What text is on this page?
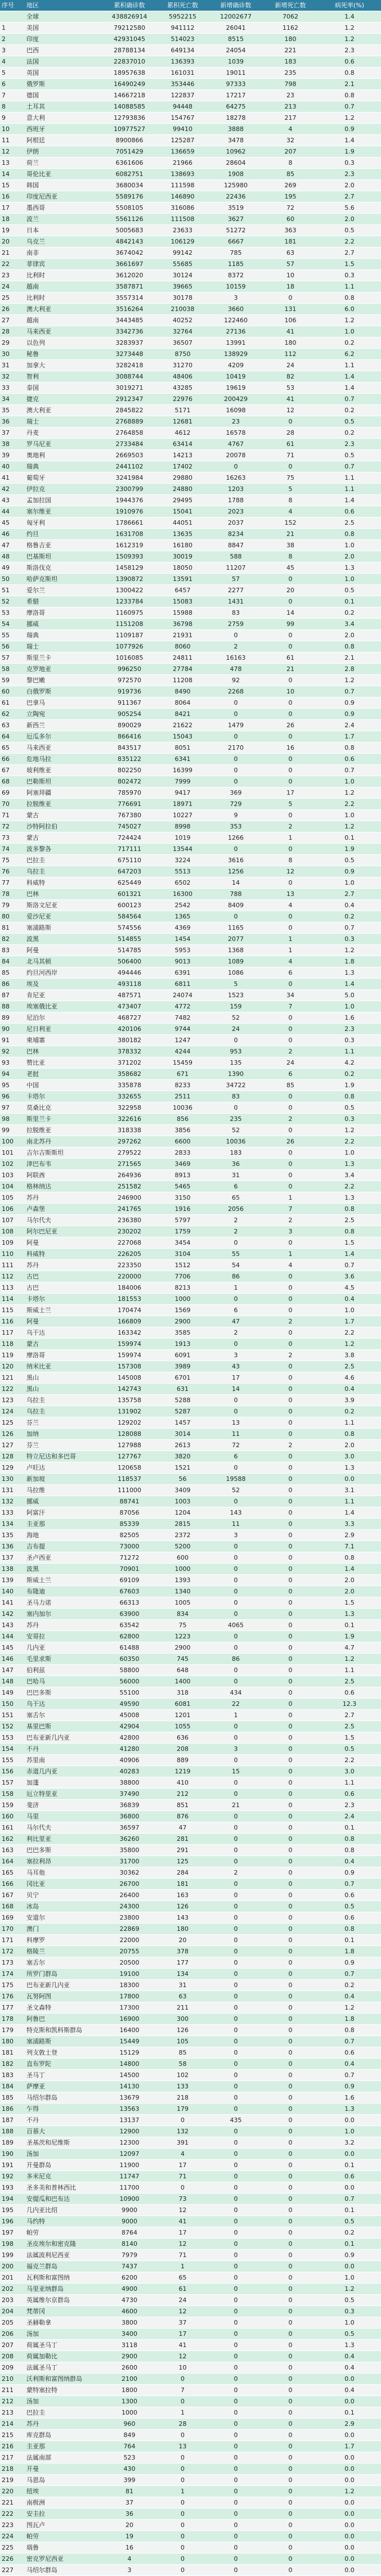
序号	地区	累积确诊数	累积死亡数	新增确诊数	新增死亡数	病死率(%)
	全球	438826914	5952215	12002677	7062	1.4
1	美国	79212580	941112	26041	1162	1.2
2	印度	42931045	514023	8515	180	1.2
3	巴西	28788134	649134	24054	221	2.3
4	法国	22837010	136393	1039	183	0.6
5	英国	18957638	161031	19011	235	0.8
6	俄罗斯	16490249	353446	97333	798	2.1
7	德国	14667218	122837	17217	23	0.8
8	土耳其	14088585	94448	64275	213	0.7
9	意大利	12793836	154767	18278	217	1.2
10	西班牙	10977527	99410	3888	4	0.9
11	阿根廷	8900866	125287	3478	32	1.4
12	伊朗	7051429	136659	10962	207	1.9
13	荷兰	6361606	21966	28604	8	0.3
14	哥伦比亚	6082751	138693	1908	85	2.3
15	韩国	3680034	111598	125980	269	2.0
16	印度尼西亚	5589176	146890	22436	195	2.7
17	墨西哥	5508105	316086	3519	72	5.6
18	波兰	5561126	111508	3627	60	2.0
19	日本	5005683	23633	51272	363	0.5
20	乌克兰	4842143	106129	6667	181	2.2
21	南非	3674042	99142	785	63	2.7
22	菲律宾	3661697	55685	1185	57	1.5
23	比利时	3612020	30124	8372	10	0.3
24	越南	3587871	39665	10159	18	1.1
25	比利时	3557314	30178	3	0	0.8
26	澳大利亚	3516264	210038	3660	131	6.0
27	越南	3443485	40252	122460	106	1.2
28	马来西亚	3342736	32764	27136	41	1.0
29	以色列	3283937	36507	13991	180	0.2
30	秘鲁	3273448	8750	138929	112	6.2
31	加拿大	3282418	31270	4209	24	1.1
32	智利	3088744	48406	10419	82	1.4
33	泰国	3019271	43285	19619	53	1.4
34	捷克	2912347	22976	200429	41	0.7
35	澳大利亚	2845822	5171	16098	12	0.2
36	瑞士	2768889	12681	23	0	0.5
37	丹麦	2764858	4612	16578	28	0.2
38	罗马尼亚	2733484	63414	4767	61	2.3
39	奥地利	2669503	14213	20078	71	0.5
40	瑞典	2441102	17402	0	0	0.7
41	葡萄牙	3241984	29880	16263	75	1.1
42	伊拉克	2300799	24880	1203	5	1.1
43	孟加拉国	1944376	29495	1788	8	1.4
44	塞尔维亚	1910976	15041	2023	4	0.6
45	匈牙利	1786661	44051	2037	152	2.5
46	约旦	1631708	13635	8234	21	0.8
47	格鲁吉亚	1612319	16180	8847	38	1.0
48	巴基斯坦	1509393	30019	588	8	2.0
49	斯洛伐克	1458129	18050	11207	45	1.3
50	哈萨克斯坦	1390872	13591	57	0	1.0
51	爱尔兰	1300422	6457	2277	20	0.5
52	希腊	1233784	15083	1431	0	0.1
53	摩洛哥	1160975	15988	83	14	0.2
54	挪威	1151208	36798	2759	99	3.4
55	瑞典	1109187	21931	0	0	2.0
56	瑞士	1077926	8060	2	0	0.8
57	斯里兰卡	1016085	24811	16163	61	2.1
58	克罗地亚	996250	27784	478	21	2.8
59	黎巴嫩	972570	11208	92	0	1.2
60	白俄罗斯	919736	8490	2268	10	0.7
61	巴拿马	911367	8064	0	0	0.9
62	立陶宛	905254	8421	0	0	0.9
63	新西兰	890029	21622	1479	26	2.4
64	厄瓜多尔	866416	15043	0	0	1.7
65	马来西亚	843517	8051	2170	16	0.8
66	危地马拉	835122	6341	0	0	0.6
67	玻利维亚	802250	16399	0	0	0.7
68	巴勒斯坦	802472	7999	0	0	1.0
69	阿塞拜疆	785970	9417	369	17	1.2
70	拉脱维亚	776691	18971	729	5	2.2
71	蒙古	767380	10227	9	0	1.0
72	沙特阿拉伯	745027	8998	353	2	1.2
73	蒙古	724424	1019	1266	1	0.1
74	波多黎各	717111	13544	0	0	1.9
75	巴拉圭	675110	3224	3616	8	0.5
76	乌拉圭	647203	5513	1256	12	0.9
77	科威特	625449	6502	14	0	1.0
78	巴林	601321	16300	788	13	2.7
79	斯洛文尼亚	600123	2542	8409	4	0.4
80	爱沙尼亚	584564	1365	0	0	0.2
81	塞浦路斯	574556	4369	1165	0	0.7
82	波黑	514855	1454	2077	1	0.3
83	阿曼	514785	5953	1368	1	1.2
84	北马其顿	506400	9013	1089	4	1.8
85	约旦河西岸	494446	6391	1086	6	1.3
86	埃及	493118	6811	5	0	1.4
87	肯尼亚	487571	24074	1523	34	5.0
88	埃塞俄比亚	473407	4772	159	7	1.0
89	尼泊尔	468727	7482	52	0	1.6
90	尼日利亚	420106	9744	24	0	2.3
91	柬埔寨	380182	1247	0	0	0.3
92	巴林	378332	4244	953	2	1.1
93	赞比亚	371202	15459	135	24	4.2
94	老挝	358682	671	1390	6	0.2
95	中国	335878	8233	34722	85	1.9
96	卡塔尔	332655	2511	83	0	0.8
97	莫桑比克	322958	10036	0	0	0.5
98	斯里兰卡	322616	856	235	2	0.3
99	拉脱维亚	318338	3856	52	0	1.2
100	南北苏丹	297262	6600	10036	26	2.2
101	吉尔吉斯斯坦	279522	2833	183	0	1.0
102	津巴布韦	271565	3469	36	0	1.3
103	阿联酋	264936	8913	31	0	3.4
104	格林纳达	251582	5465	6	0	2.2
105	苏丹	246900	3150	65	1	1.3
106	卢森堡	241765	1916	2056	7	0.8
107	马尔代夫	236380	5797	2	2	2.5
108	阿尔巴尼亚	230202	1759	2	3	0.8
109	阿曼	227068	3454	0	0	1.5
110	科威特	226205	3104	55	1	1.4
111	苏丹	223350	1512	54	4	0.7
112	古巴	220000	7706	86	0	3.6
113	古巴	184006	8213	1	0	4.5
114	卡塔尔	181553	1000	0	0	0.4
115	斯威士兰	170474	1569	6	0	1.0
116	阿曼	166809	2900	47	2	1.7
117	乌干达	163342	3585	2	0	2.2
118	蒙古	159974	1913	0	0	1.2
119	摩洛哥	159974	6091	3	2	3.8
120	纳米比亚	157308	3989	43	0	2.5
121	黑山	145008	6701	17	0	4.6
122	黑山	142743	631	14	0	0.4
123	乌拉圭	135758	5288	0	0	3.9
124	乌拉圭	131902	5287	0	0	0.2
125	芬兰	129202	1457	13	0	1.1
126	加纳	128088	3014	11	0	0.8
127	芬兰	127988	2613	72	2	2.0
128	特立尼达和多巴哥	127767	3820	6	0	3.0
129	卢旺达	120658	1521	0	0	1.3
130	新加坡	118537	56	19588	0	0.0
131	马拉维	111000	3409	52	0	3.1
132	挪威	88741	1003	0	0	1.1
133	阿富汗	87056	1204	143	0	1.4
134	圭亚那	85339	2815	11	0	3.3
135	海地	82505	2372	3	0	2.9
136	吉布提	73000	5200	0	0	7.1
137	圣卢西亚	71272	600	0	0	0.8
138	波黑	70901	1000	0	0	1.4
139	斯威士兰	69109	1393	0	0	2.0
140	布隆迪	67603	1340	0	0	2.0
141	圣马力诺	66313	1005	0	0	1.5
142	塞内加尔	63900	834	0	0	1.3
143	苏丹	63542	75	4065	0	0.1
144	安哥拉	62800	1223	0	0	1.9
145	几内亚	61488	2900	0	0	4.7
146	毛里求斯	60350	745	86	0	1.2
147	伯利兹	58800	648	0	0	1.1
148	巴哈马	56000	1400	0	0	2.5
149	巴巴多斯	55100	318	434	0	0.6
150	乌干达	49590	6081	22	0	12.3
151	塞舌尔	45008	1201	1	0	2.7
152	基里巴斯	42904	1055	0	0	2.5
153	巴布亚新几内亚	42800	636	0	0	1.5
154	不丹	41280	208	3	0	0.5
155	苏里南	40906	889	0	0	2.2
156	赤道几内亚	40283	1219	15	0	3.0
157	加蓬	38800	410	0	0	1.1
158	厄立特里亚	37490	212	0	0	0.6
159	斐济	36839	851	21	0	2.3
160	马里	36800	876	0	0	2.4
161	马尔代夫	36597	47	0	0	0.1
162	利比里亚	36260	281	0	0	0.8
163	巴巴多斯	35800	291	0	0	0.8
164	塞拉利昂	31700	125	0	0	0.4
165	马耳他	30362	284	2	0	0.9
166	冈比亚	26700	181	0	0	0.7
167	贝宁	26400	163	0	0	0.6
168	冰岛	24300	126	0	0	0.5
169	安道尔	23800	143	0	0	0.6
170	澳门	22869	180	0	0	0.8
171	科摩罗	22000	20	0	0	0.1
172	格陵兰	20755	378	0	0	1.8
173	塞舌尔	20500	177	0	0	0.9
174	所罗门群岛	19100	134	0	0	0.7
175	巴布亚新几内亚	18300	31	0	0	0.2
176	瓦努阿图	17800	63	0	0	0.4
177	圣文森特	17300	211	0	0	1.2
178	阿鲁巴	16900	300	0	0	1.8
179	特克斯和凯科斯群岛	16400	126	0	0	0.8
180	塞浦路斯	15449	105	0	0	0.7
181	列支敦士登	15129	85	0	0	0.6
182	直布罗陀	14800	58	0	0	0.4
183	圣马丁	14500	102	0	0	0.7
184	萨摩亚	14130	133	0	0	0.9
185	马绍尔群岛	13679	218	0	0	1.6
186	乍得	13563	179	0	0	1.3
187	不丹	13137	0	435	0	0.0
188	百慕大	12900	132	0	0	1.0
189	圣基茨和尼维斯	12300	391	0	0	3.2
190	汤加	12097	4	0	0	0.0
191	开曼群岛	11900	17	0	0	0.1
192	多米尼克	11747	71	0	0	0.6
193	圣多美和普林西比	11700	0	0	0	0.0
194	安提瓜和巴布达	10900	73	0	0	0.7
195	几内亚比绍	9900	12	0	0	0.1
196	马约特	9000	41	0	0	0.5
197	帕劳	8764	17	0	0	0.2
198	圣皮埃尔和密克隆	8140	12	0	0	0.1
199	法属波利尼西亚	7979	71	0	0	0.9
200	福克兰群岛	7437	1	0	0	0.0
201	瓦利斯和富图纳	6200	65	0	0	1.0
202	马里亚纳群岛	4900	61	0	0	1.2
203	英属维尔京群岛	4730	24	0	0	0.5
204	梵蒂冈	4600	12	0	0	0.3
205	圣赫勒拿	3800	37	0	0	1.0
206	汤加	3400	17	0	0	0.5
207	荷属圣马丁	3118	41	0	0	1.3
208	荷属加勒比	2900	12	0	0	0.4
209	法属圣马丁	2600	10	0	0	0.4
210	沃利斯和富图纳群岛	2100	0	0	0	0.0
211	蒙特塞拉特	1800	7	0	0	0.4
212	汤加	1300	0	0	0	0.0
213	巴拉圭	1000	1	0	0	0.1
214	苏丹	960	28	0	0	2.9
215	库克群岛	849	0	0	0	0.0
216	圭亚那	764	13	0	0	1.7
217	法属南部	523	0	0	0	0.0
218	开曼	430	0	0	0	0.0
219	马恩岛	399	0	0	0	0.0
220	纽埃	81	1	0	0	1.2
221	南极洲	37	0	0	0	0.0
222	安圭拉	36	0	0	0	0.0
223	图瓦卢	20	0	0	0	0.0
224	帕劳	19	0	0	0	0.0
225	瑙鲁	16	0	0	0	0.0
226	密克罗尼西亚	4	0	0	0	0.0
227	马绍尔群岛	3	0	0	0	0.0
